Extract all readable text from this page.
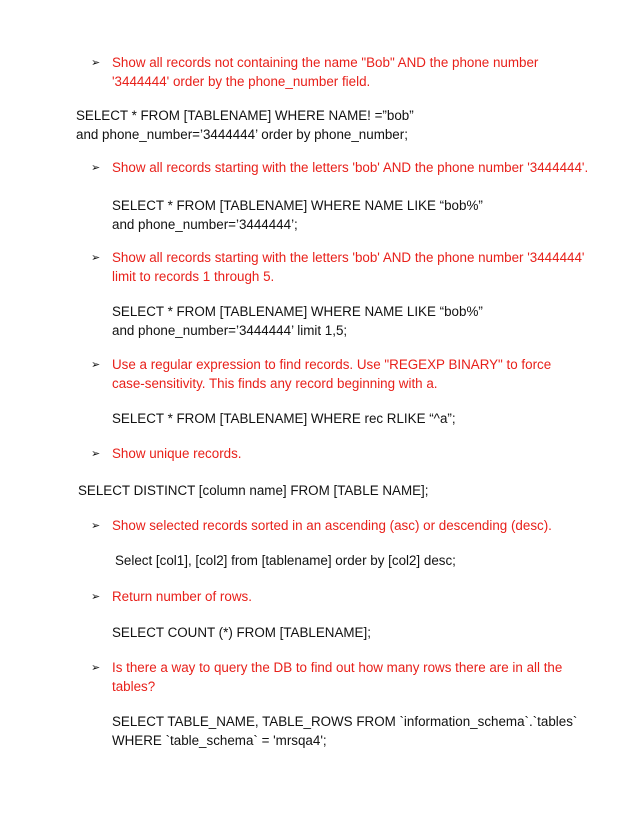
➢ Show all records not containing the name "Bob" AND the phone number '3444444' order by the phone_number field.
SELECT * FROM [TABLENAME] WHERE NAME! =”bob” and phone_number=’3444444’ order by phone_number;
➢ Show all records starting with the letters 'bob' AND the phone number '3444444'.
SELECT * FROM [TABLENAME] WHERE NAME LIKE “bob%” and phone_number=’3444444’;
➢ Show all records starting with the letters 'bob' AND the phone number '3444444' limit to records 1 through 5.
SELECT * FROM [TABLENAME] WHERE NAME LIKE “bob%” and phone_number=’3444444’ limit 1,5;
➢ Use a regular expression to find records. Use "REGEXP BINARY" to force case-sensitivity. This finds any record beginning with a.
SELECT * FROM [TABLENAME] WHERE rec RLIKE “^a”;
➢ Show unique records.
SELECT DISTINCT [column name] FROM [TABLE NAME];
➢ Show selected records sorted in an ascending (asc) or descending (desc).
Select [col1], [col2] from [tablename] order by [col2] desc;
➢ Return number of rows.
SELECT COUNT (*) FROM [TABLENAME];
➢ Is there a way to query the DB to find out how many rows there are in all the tables?
SELECT TABLE_NAME, TABLE_ROWS FROM `information_schema`.`tables` WHERE `table_schema` = 'mrsqa4';
